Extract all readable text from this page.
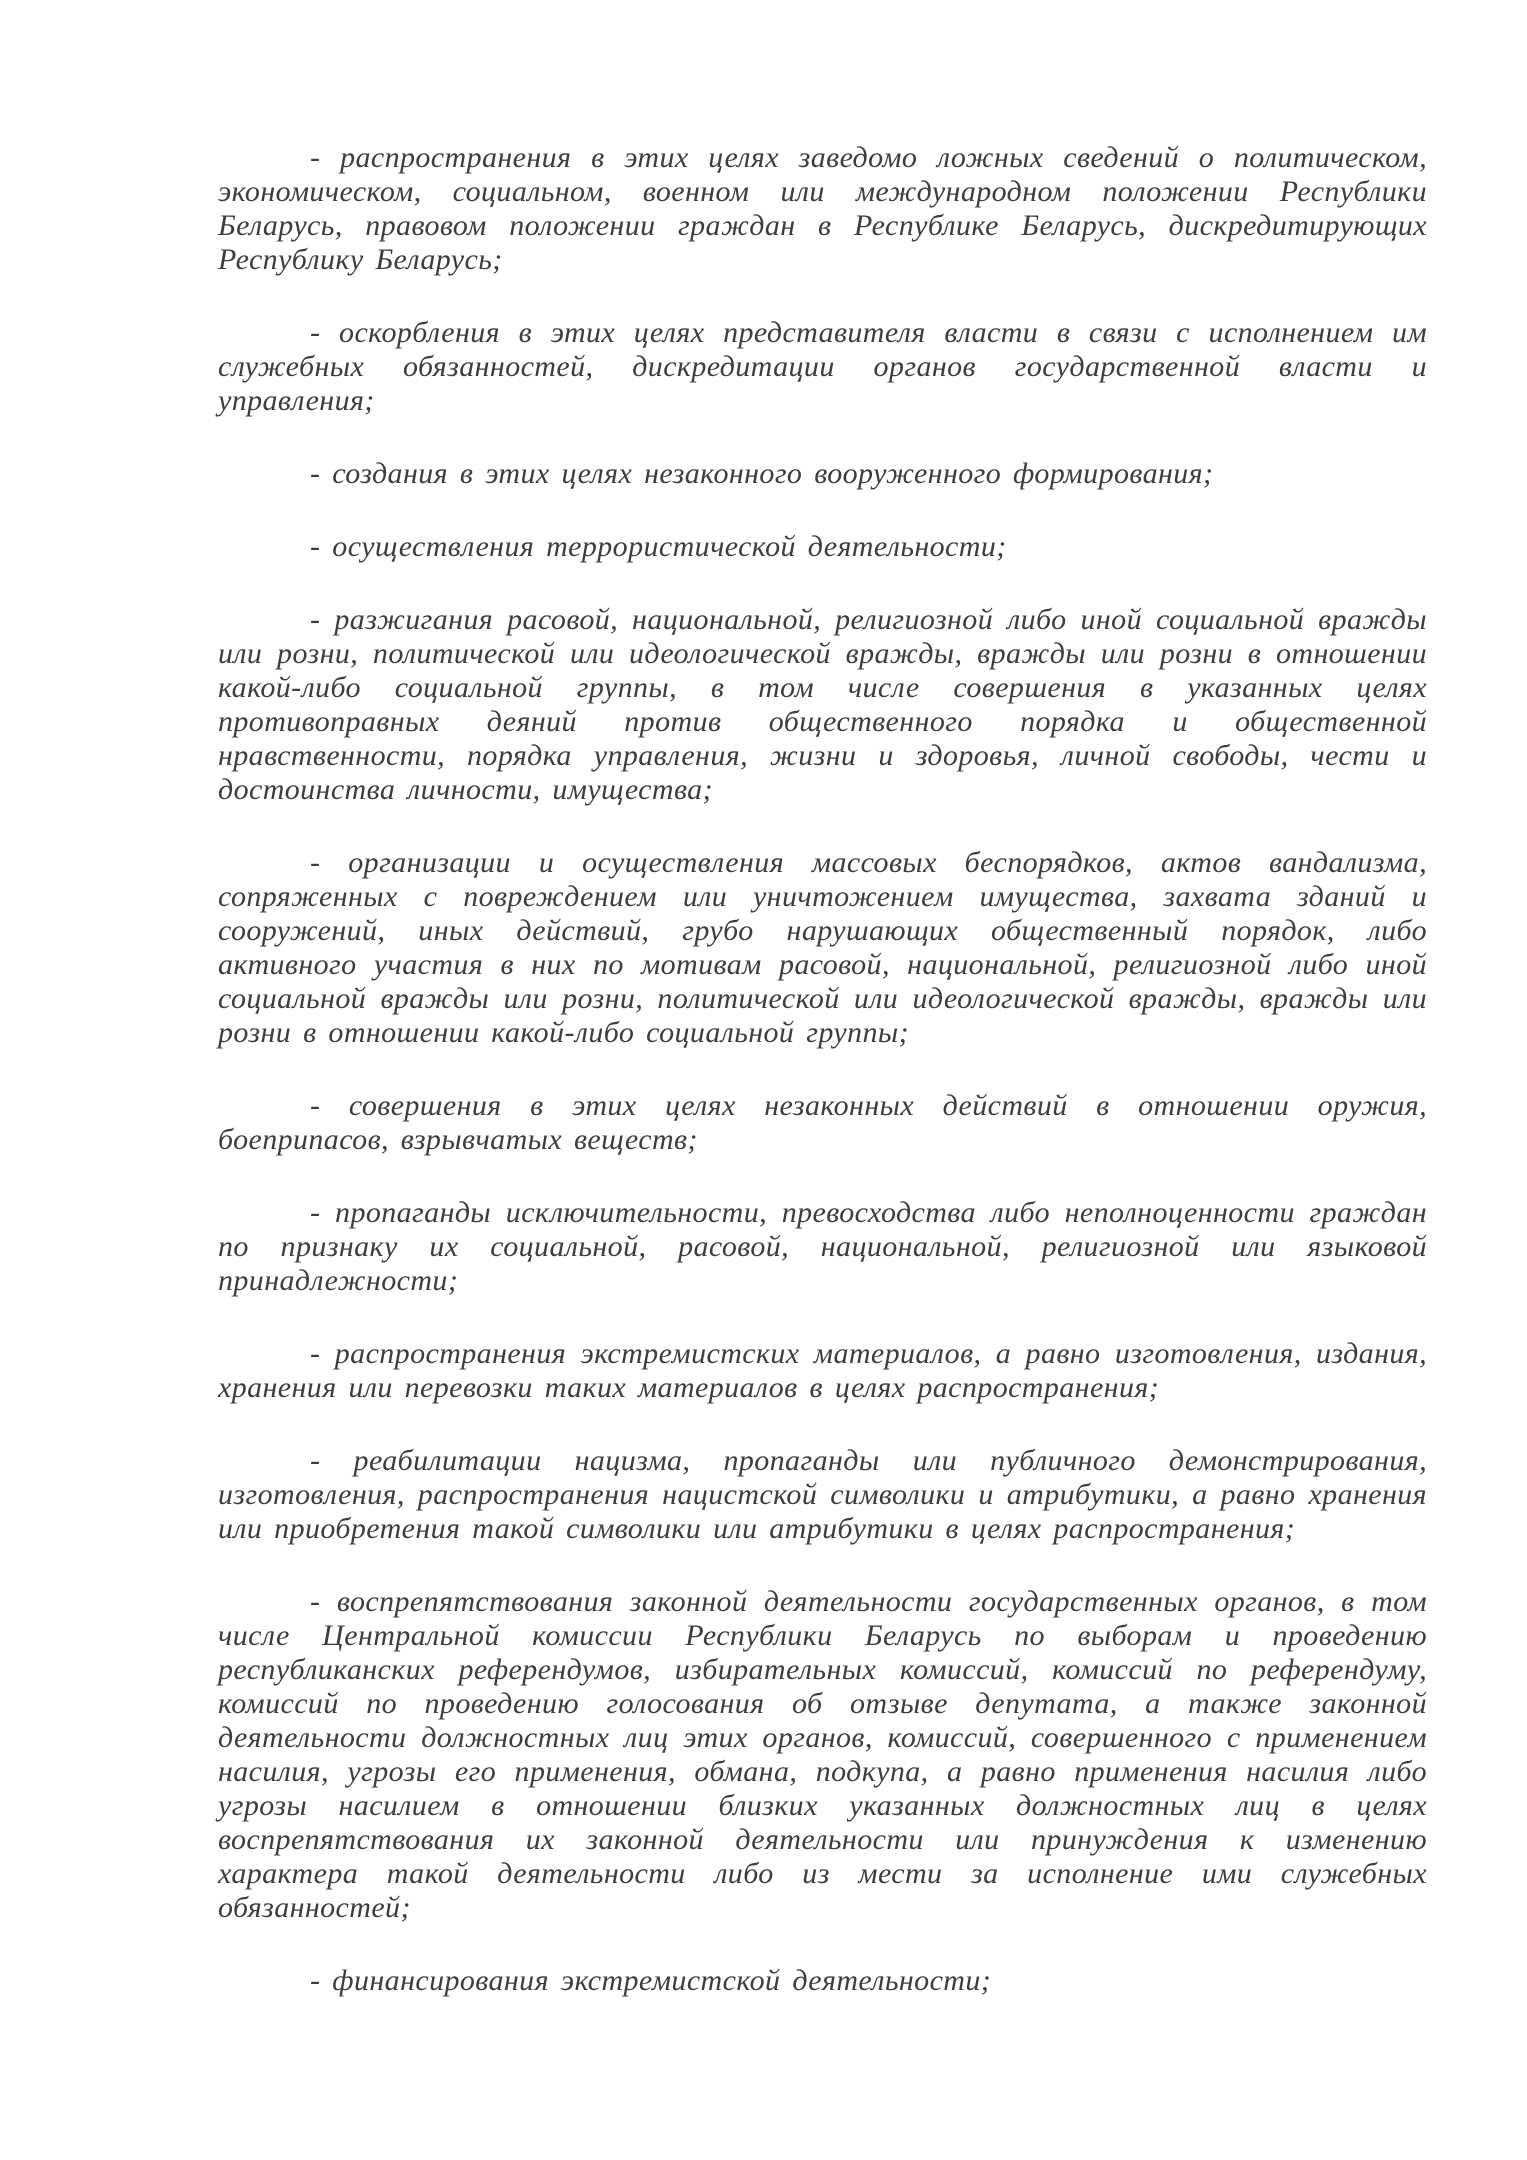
- распространения в этих целях заведомо ложных сведений о политическом, экономическом, социальном, военном или международном положении Республики Беларусь, правовом положении граждан в Республике Беларусь, дискредитирующих Республику Беларусь;

- оскорбления в этих целях представителя власти в связи с исполнением им служебных обязанностей, дискредитации органов государственной власти и управления;

- создания в этих целях незаконного вооруженного формирования;

- осуществления террористической деятельности;

- разжигания расовой, национальной, религиозной либо иной социальной вражды или розни, политической или идеологической вражды, вражды или розни в отношении какой-либо социальной группы, в том числе совершения в указанных целях противоправных деяний против общественного порядка и общественной нравственности, порядка управления, жизни и здоровья, личной свободы, чести и достоинства личности, имущества;

- организации и осуществления массовых беспорядков, актов вандализма, сопряженных с повреждением или уничтожением имущества, захвата зданий и сооружений, иных действий, грубо нарушающих общественный порядок, либо активного участия в них по мотивам расовой, национальной, религиозной либо иной социальной вражды или розни, политической или идеологической вражды, вражды или розни в отношении какой-либо социальной группы;

- совершения в этих целях незаконных действий в отношении оружия, боеприпасов, взрывчатых веществ;

- пропаганды исключительности, превосходства либо неполноценности граждан по признаку их социальной, расовой, национальной, религиозной или языковой принадлежности;

- распространения экстремистских материалов, а равно изготовления, издания, хранения или перевозки таких материалов в целях распространения;

- реабилитации нацизма, пропаганды или публичного демонстрирования, изготовления, распространения нацистской символики и атрибутики, а равно хранения или приобретения такой символики или атрибутики в целях распространения;

- воспрепятствования законной деятельности государственных органов, в том числе Центральной комиссии Республики Беларусь по выборам и проведению республиканских референдумов, избирательных комиссий, комиссий по референдуму, комиссий по проведению голосования об отзыве депутата, а также законной деятельности должностных лиц этих органов, комиссий, совершенного с применением насилия, угрозы его применения, обмана, подкупа, а равно применения насилия либо угрозы насилием в отношении близких указанных должностных лиц в целях воспрепятствования их законной деятельности или принуждения к изменению характера такой деятельности либо из мести за исполнение ими служебных обязанностей;

- финансирования экстремистской деятельности;
